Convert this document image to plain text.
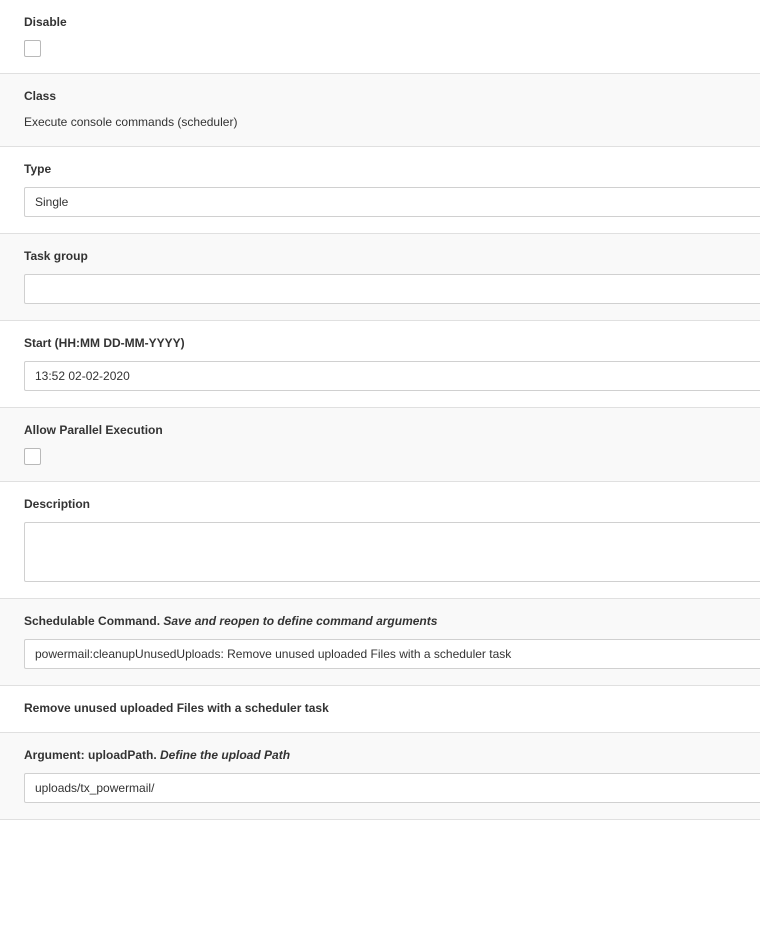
Disable
Class
Execute console commands (scheduler)
Type
Single
Task group
Start (HH:MM DD-MM-YYYY)
13:52 02-02-2020
Allow Parallel Execution
Description
Schedulable Command. Save and reopen to define command arguments
powermail:cleanupUnusedUploads: Remove unused uploaded Files with a scheduler task
Remove unused uploaded Files with a scheduler task
Argument: uploadPath. Define the upload Path
uploads/tx_powermail/
